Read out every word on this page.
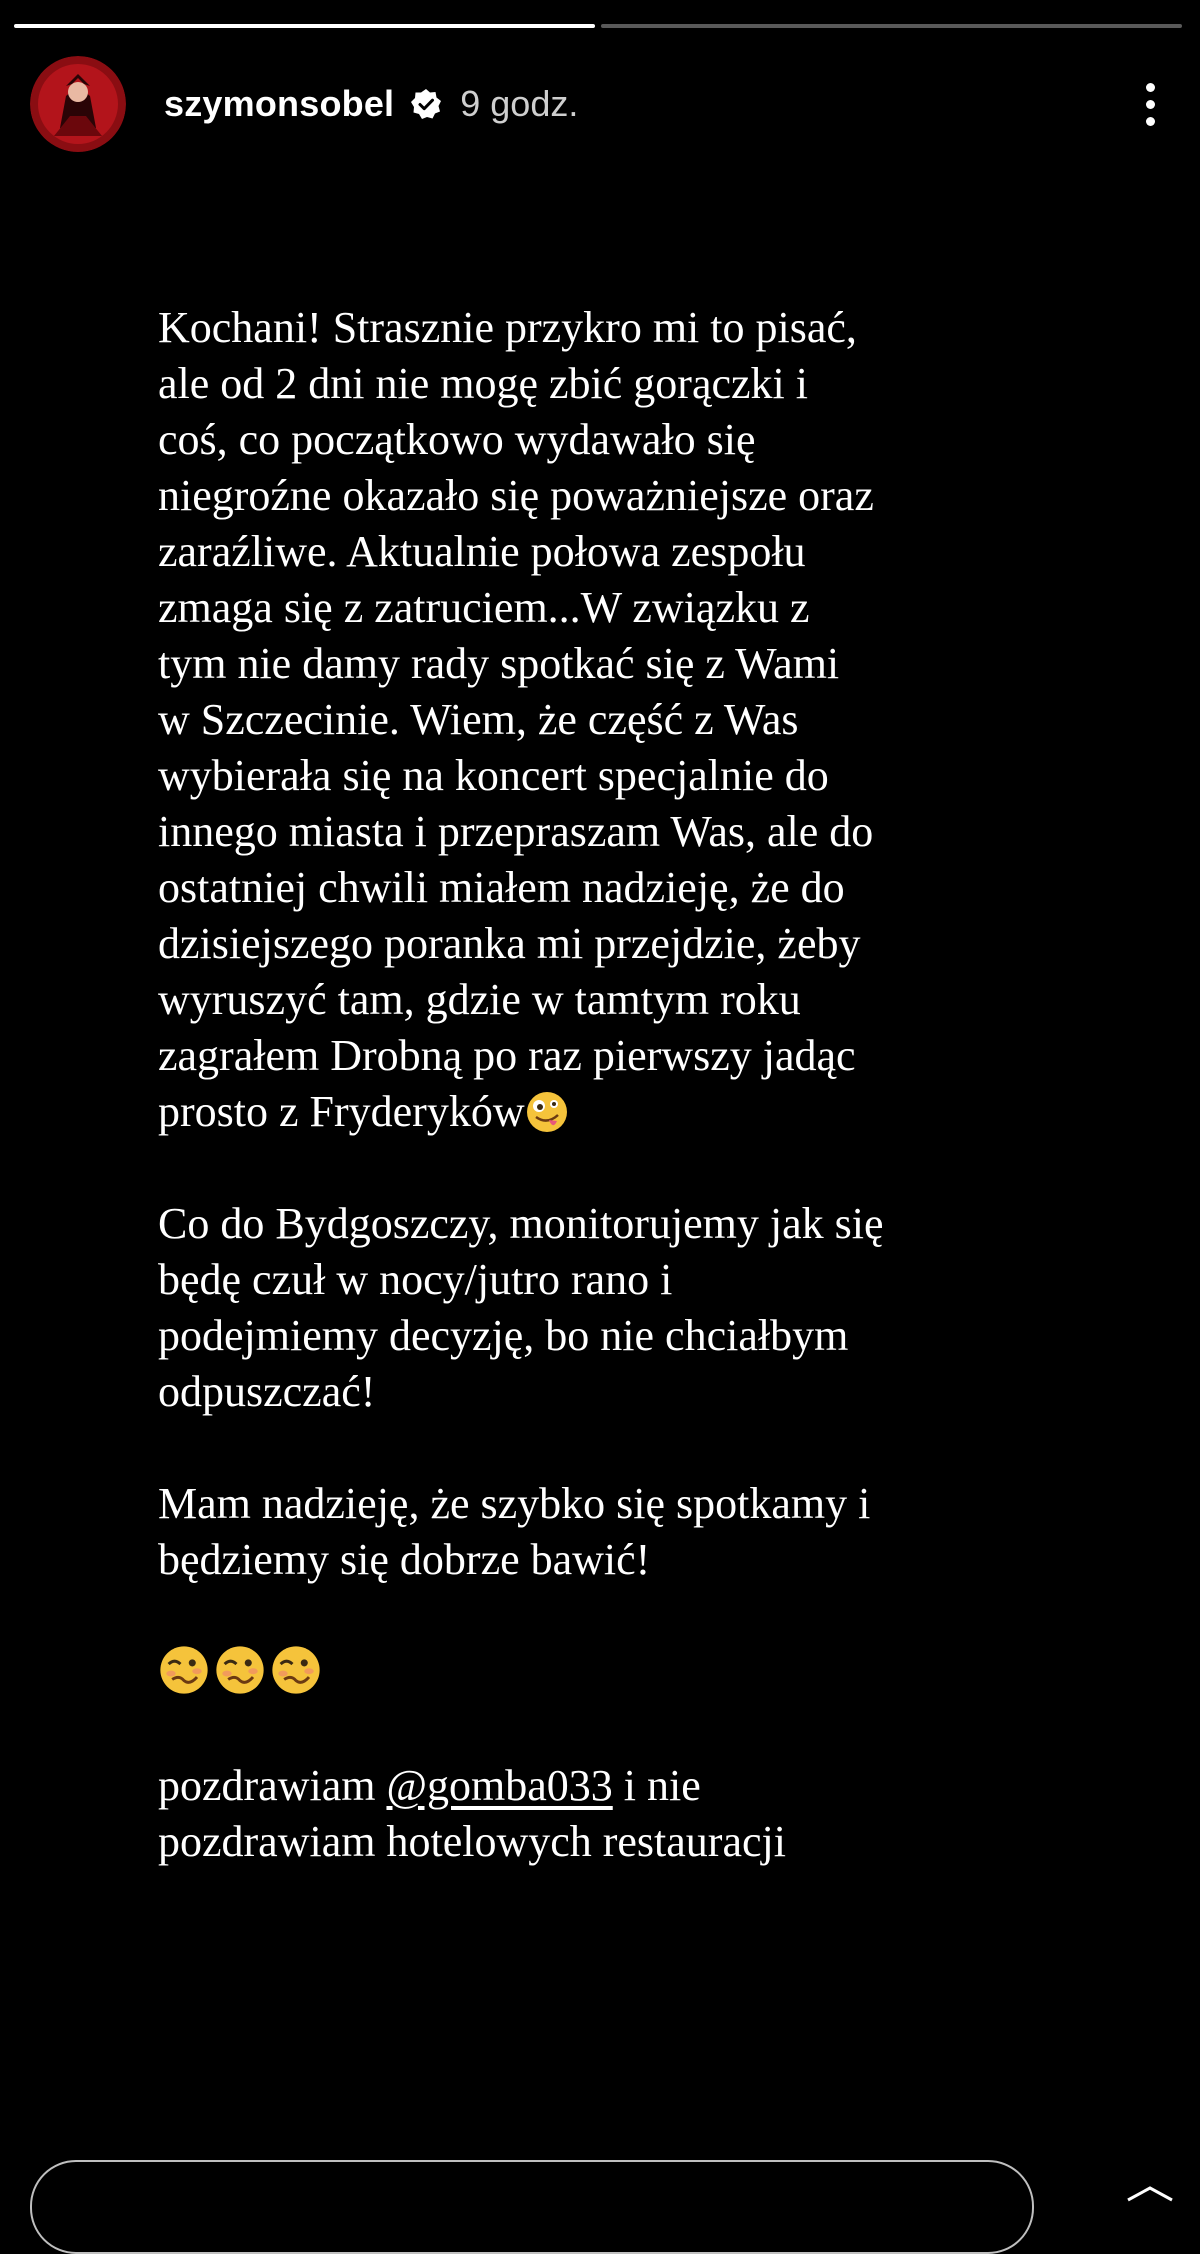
szymonsobel 9 godz.
Kochani! Strasznie przykro mi to pisać,
ale od 2 dni nie mogę zbić gorączki i
coś, co początkowo wydawało się
niegroźne okazało się poważniejsze oraz
zaraźliwe. Aktualnie połowa zespołu
zmaga się z zatruciem...W związku z
tym nie damy rady spotkać się z Wami
w Szczecinie. Wiem, że część z Was
wybierała się na koncert specjalnie do
innego miasta i przepraszam Was, ale do
ostatniej chwili miałem nadzieję, że do
dzisiejszego poranka mi przejdzie, żeby
wyruszyć tam, gdzie w tamtym roku
zagrałem Drobną po raz pierwszy jadąc
prosto z Fryderyków
Co do Bydgoszczy, monitorujemy jak się
będę czuł w nocy/jutro rano i
podejmiemy decyzję, bo nie chciałbym
odpuszczać!
Mam nadzieję, że szybko się spotkamy i
będziemy się dobrze bawić!
pozdrawiam @gomba033 i nie
pozdrawiam hotelowych restauracji
